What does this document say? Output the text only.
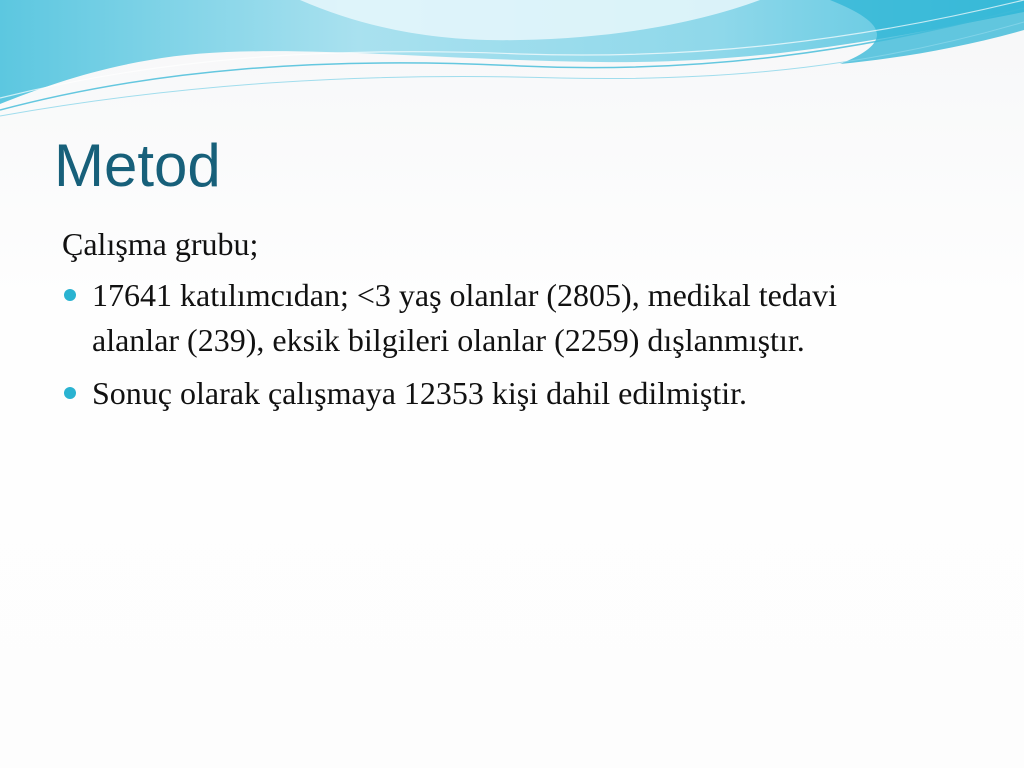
Metod

Çalışma grubu;

17641 katılımcıdan; <3 yaş olanlar (2805), medikal tedavi alanlar (239), eksik bilgileri olanlar (2259) dışlanmıştır.
Sonuç olarak çalışmaya 12353 kişi dahil edilmiştir.
